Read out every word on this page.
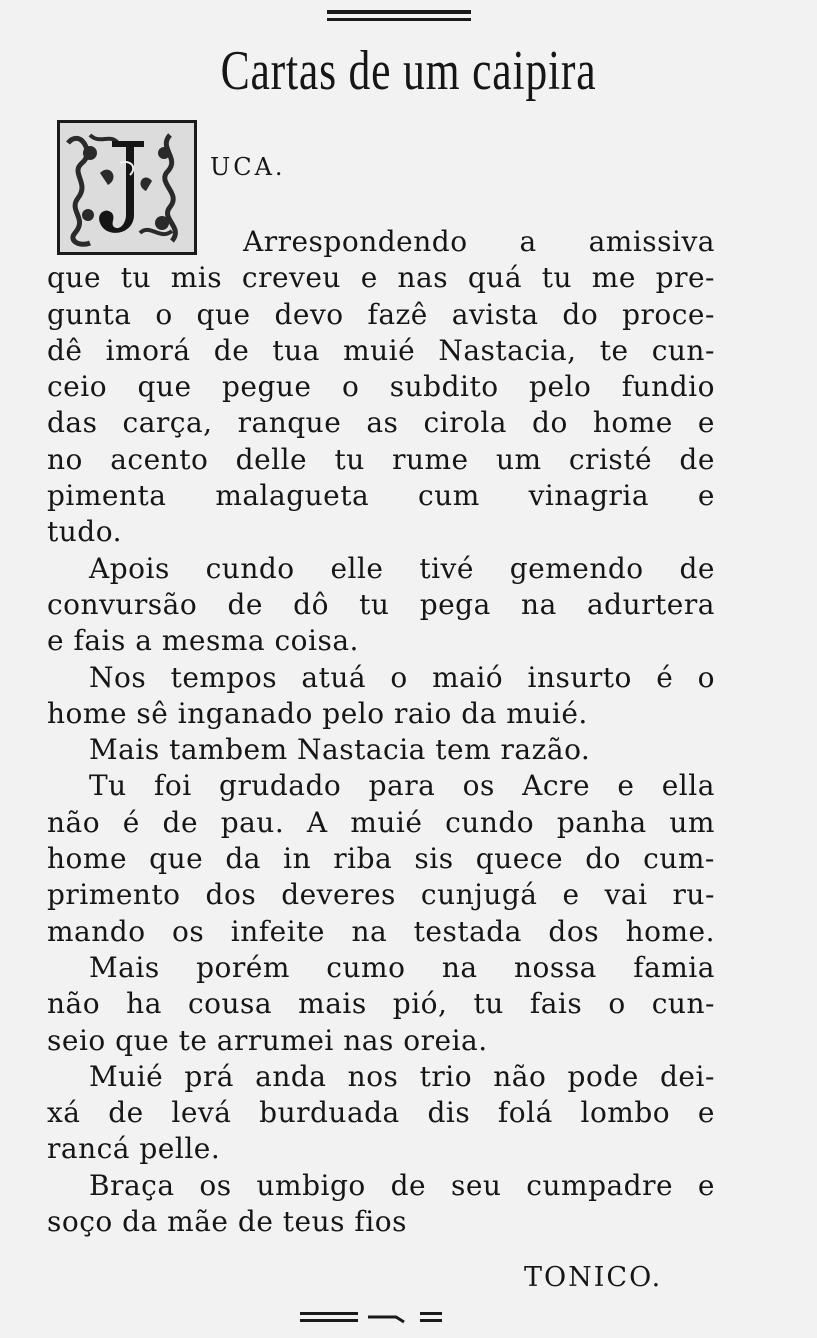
Cartas de um caipira
UCA.
Arrespondendo a amissiva
que tu mis creveu e nas quá tu me pre-
gunta o que devo fazê avista do proce-
dê imorá de tua muié Nastacia, te cun-
ceio que pegue o subdito pelo fundio
das carça, ranque as cirola do home e
no acento delle tu rume um cristé de
pimenta malagueta cum vinagria e
tudo.
Apois cundo elle tivé gemendo de
convursão de dô tu pega na adurtera
e fais a mesma coisa.
Nos tempos atuá o maió insurto é o
home sê inganado pelo raio da muié.
Mais tambem Nastacia tem razão.
Tu foi grudado para os Acre e ella
não é de pau. A muié cundo panha um
home que da in riba sis quece do cum-
primento dos deveres cunjugá e vai ru-
mando os infeite na testada dos home.
Mais porém cumo na nossa famia
não ha cousa mais pió, tu fais o cun-
seio que te arrumei nas oreia.
Muié prá anda nos trio não pode dei-
xá de levá burduada dis folá lombo e
rancá pelle.
Braça os umbigo de seu cumpadre e
soço da mãe de teus fios
TONICO.
